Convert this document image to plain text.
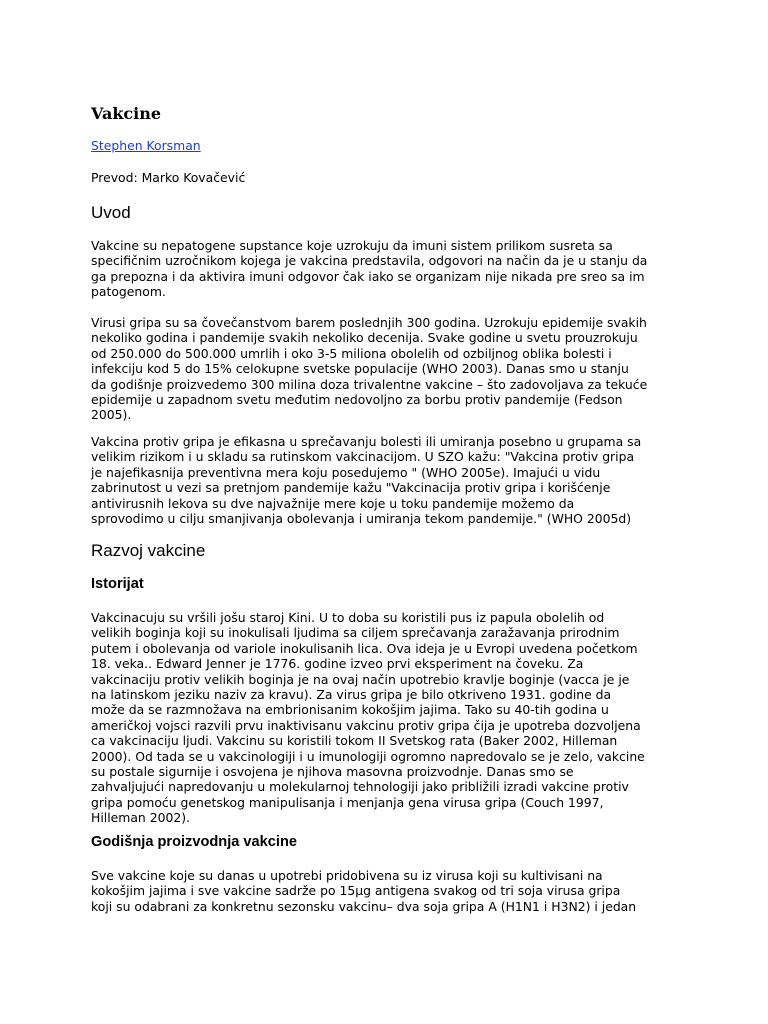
Vakcine
Stephen Korsman
Prevod: Marko Kovačević
Uvod

Vakcine su nepatogene supstance koje uzrokuju da imuni sistem prilikom susreta sa
specifičnim uzročnikom kojega je vakcina predstavila, odgovori na način da je u stanju da
ga prepozna i da aktivira imuni odgovor čak iako se organizam nije nikada pre sreo sa im
patogenom.

Virusi gripa su sa čovečanstvom barem poslednjih 300 godina. Uzrokuju epidemije svakih
nekoliko godina i pandemije svakih nekoliko decenija. Svake godine u svetu prouzrokuju
od 250.000 do 500.000 umrlih i oko 3-5 miliona obolelih od ozbiljnog oblika bolesti i
infekciju kod 5 do 15% celokupne svetske populacije (WHO 2003). Danas smo u stanju
da godišnje proizvedemo 300 milina doza trivalentne vakcine – što zadovoljava za tekuće
epidemije u zapadnom svetu međutim nedovoljno za borbu protiv pandemije (Fedson
2005).

Vakcina protiv gripa je efikasna u sprečavanju bolesti ili umiranja posebno u grupama sa
velikim rizikom i u skladu sa rutinskom vakcinacijom. U SZO kažu: "Vakcina protiv gripa
je najefikasnija preventivna mera koju posedujemo " (WHO 2005e). Imajući u vidu
zabrinutost u vezi sa pretnjom pandemije kažu "Vakcinacija protiv gripa i korišćenje
antivirusnih lekova su dve najvažnije mere koje u toku pandemije možemo da
sprovodimo u cilju smanjivanja obolevanja i umiranja tekom pandemije." (WHO 2005d)

Razvoj vakcine
Istorijat

Vakcinacuju su vršili jošu staroj Kini. U to doba su koristili pus iz papula obolelih od
velikih boginja koji su inokulisali ljudima sa ciljem sprečavanja zaražavanja prirodnim
putem i obolevanja od variole inokulisanih lica. Ova ideja je u Evropi uvedena početkom
18. veka.. Edward Jenner je 1776. godine izveo prvi eksperiment na čoveku. Za
vakcinaciju protiv velikih boginja je na ovaj način upotrebio kravlje boginje (vacca je je
na latinskom jeziku naziv za kravu). Za virus gripa je bilo otkriveno 1931. godine da
može da se razmnožava na embrionisanim kokošjim jajima. Tako su 40-tih godina u
američkoj vojsci razvili prvu inaktivisanu vakcinu protiv gripa čija je upotreba dozvoljena
ca vakcinaciju ljudi. Vakcinu su koristili tokom II Svetskog rata (Baker 2002, Hilleman
2000). Od tada se u vakcinologiji i u imunologiji ogromno napredovalo se je zelo, vakcine
su postale sigurnije i osvojena je njihova masovna proizvodnje. Danas smo se
zahvaljujući napredovanju u molekularnoj tehnologiji jako približili izradi vakcine protiv
gripa pomoću genetskog manipulisanja i menjanja gena virusa gripa (Couch 1997,
Hilleman 2002).

Godišnja proizvodnja vakcine

Sve vakcine koje su danas u upotrebi pridobivena su iz virusa koji su kultivisani na
kokošjim jajima i sve vakcine sadrže po 15µg antigena svakog od tri soja virusa gripa
koji su odabrani za konkretnu sezonsku vakcinu– dva soja gripa A (H1N1 i H3N2) i jedan
